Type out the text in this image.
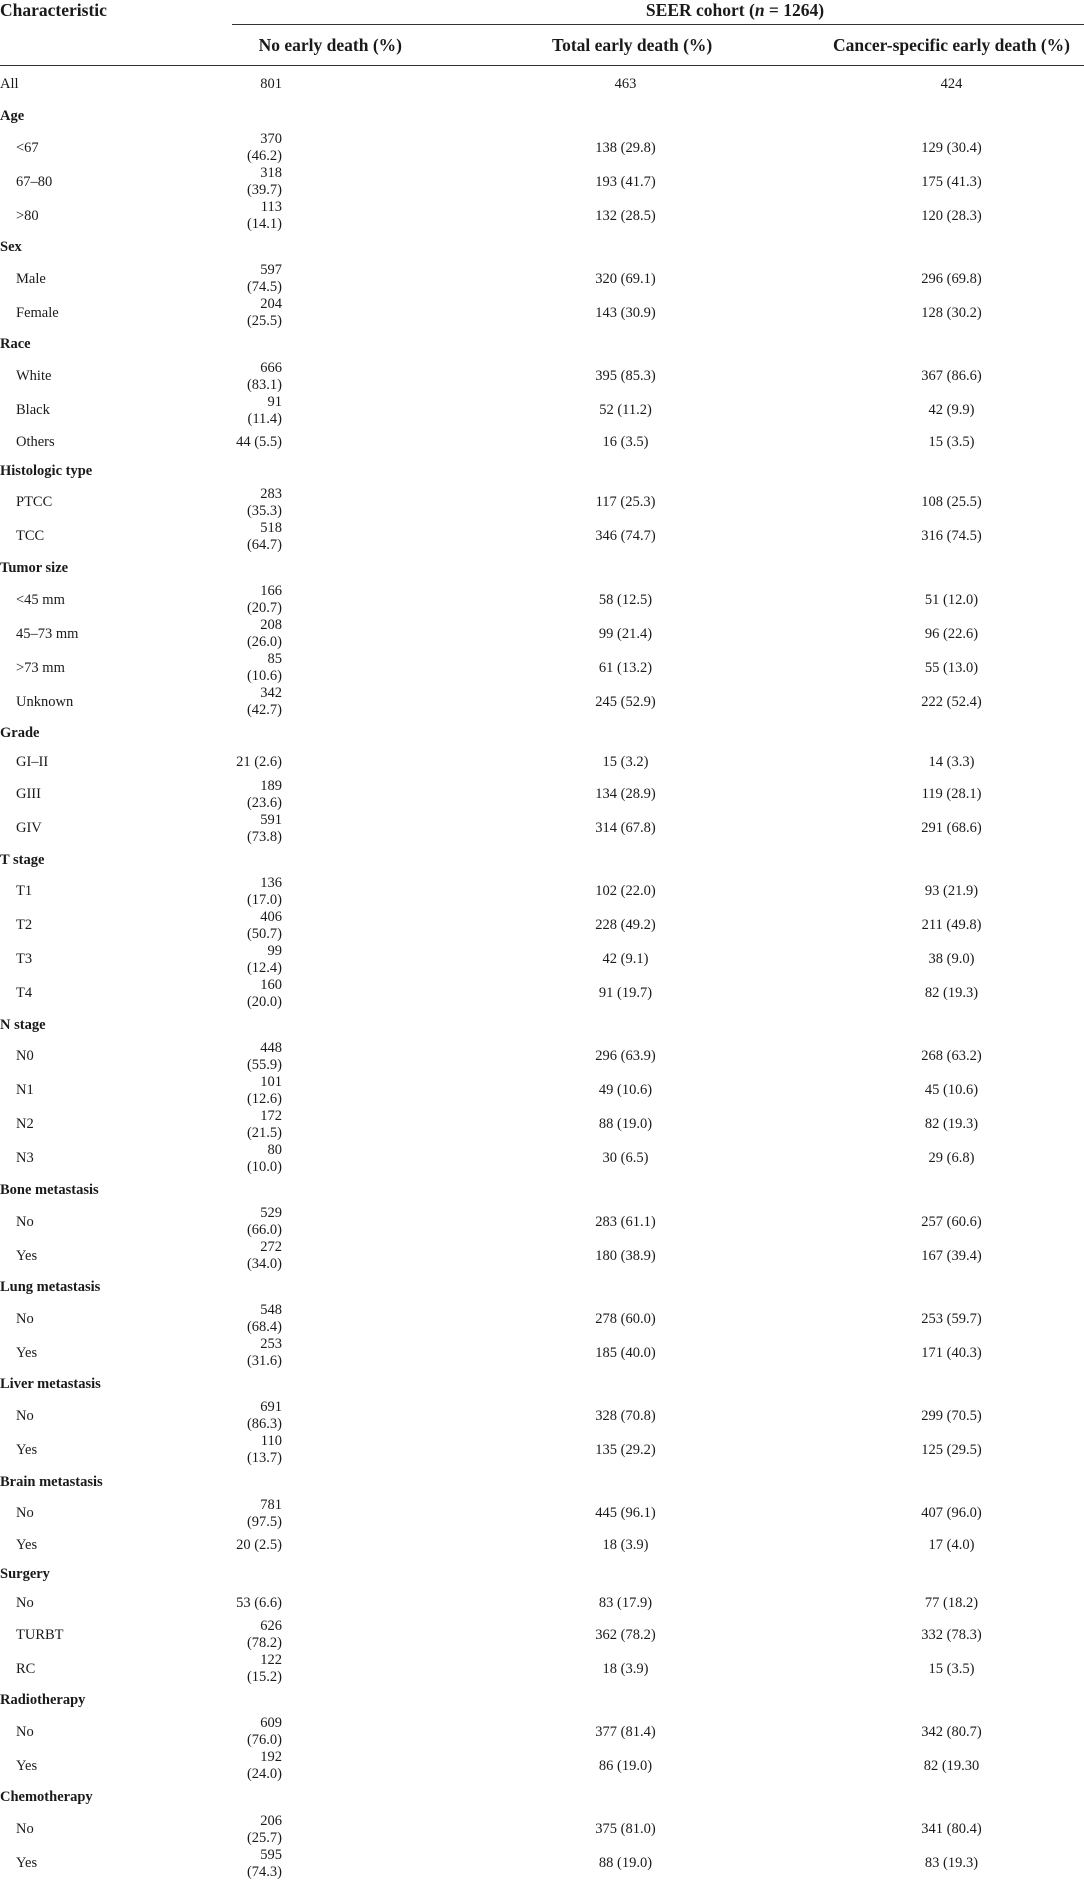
Characteristic	SEER cohort (n = 1264)		
	No early death (%)	Total early death (%)	Cancer-specific early death (%)
All	801	463	424
Age			
<67	370 (46.2)	138 (29.8)	129 (30.4)
67–80	318 (39.7)	193 (41.7)	175 (41.3)
>80	113 (14.1)	132 (28.5)	120 (28.3)
Sex			
Male	597 (74.5)	320 (69.1)	296 (69.8)
Female	204 (25.5)	143 (30.9)	128 (30.2)
Race			
White	666 (83.1)	395 (85.3)	367 (86.6)
Black	91 (11.4)	52 (11.2)	42 (9.9)
Others	44 (5.5)	16 (3.5)	15 (3.5)
Histologic type			
PTCC	283 (35.3)	117 (25.3)	108 (25.5)
TCC	518 (64.7)	346 (74.7)	316 (74.5)
Tumor size			
<45 mm	166 (20.7)	58 (12.5)	51 (12.0)
45–73 mm	208 (26.0)	99 (21.4)	96 (22.6)
>73 mm	85 (10.6)	61 (13.2)	55 (13.0)
Unknown	342 (42.7)	245 (52.9)	222 (52.4)
Grade			
GI–II	21 (2.6)	15 (3.2)	14 (3.3)
GIII	189 (23.6)	134 (28.9)	119 (28.1)
GIV	591 (73.8)	314 (67.8)	291 (68.6)
T stage			
T1	136 (17.0)	102 (22.0)	93 (21.9)
T2	406 (50.7)	228 (49.2)	211 (49.8)
T3	99 (12.4)	42 (9.1)	38 (9.0)
T4	160 (20.0)	91 (19.7)	82 (19.3)
N stage			
N0	448 (55.9)	296 (63.9)	268 (63.2)
N1	101 (12.6)	49 (10.6)	45 (10.6)
N2	172 (21.5)	88 (19.0)	82 (19.3)
N3	80 (10.0)	30 (6.5)	29 (6.8)
Bone metastasis			
No	529 (66.0)	283 (61.1)	257 (60.6)
Yes	272 (34.0)	180 (38.9)	167 (39.4)
Lung metastasis			
No	548 (68.4)	278 (60.0)	253 (59.7)
Yes	253 (31.6)	185 (40.0)	171 (40.3)
Liver metastasis			
No	691 (86.3)	328 (70.8)	299 (70.5)
Yes	110 (13.7)	135 (29.2)	125 (29.5)
Brain metastasis			
No	781 (97.5)	445 (96.1)	407 (96.0)
Yes	20 (2.5)	18 (3.9)	17 (4.0)
Surgery			
No	53 (6.6)	83 (17.9)	77 (18.2)
TURBT	626 (78.2)	362 (78.2)	332 (78.3)
RC	122 (15.2)	18 (3.9)	15 (3.5)
Radiotherapy			
No	609 (76.0)	377 (81.4)	342 (80.7)
Yes	192 (24.0)	86 (19.0)	82 (19.30
Chemotherapy			
No	206 (25.7)	375 (81.0)	341 (80.4)
Yes	595 (74.3)	88 (19.0)	83 (19.3)
